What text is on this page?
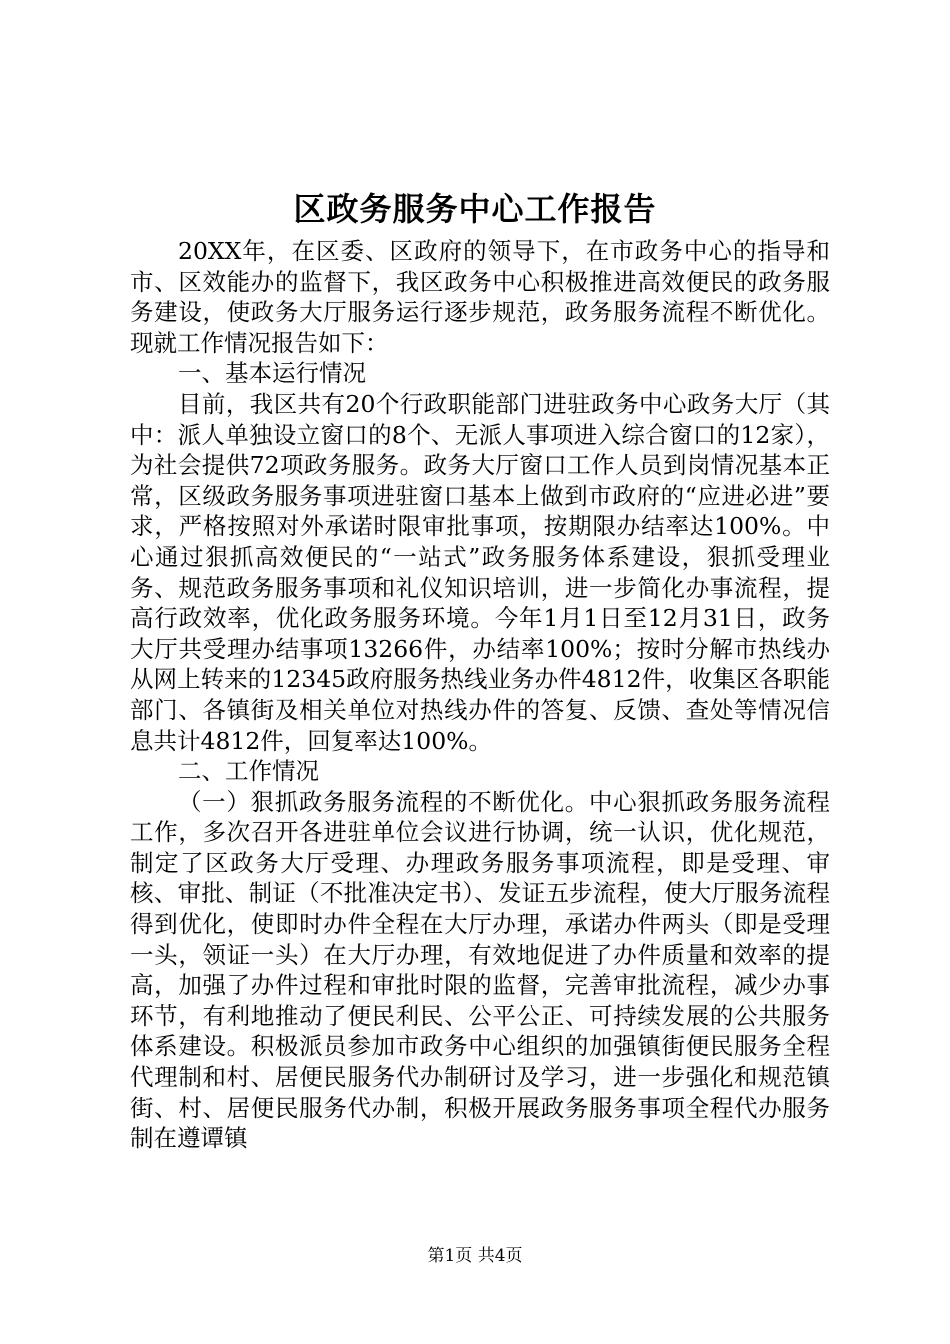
区政务服务中心工作报告

20XX年，在区委、区政府的领导下，在市政务中心的指导和市、区效能办的监督下，我区政务中心积极推进高效便民的政务服务建设，使政务大厅服务运行逐步规范，政务服务流程不断优化。现就工作情况报告如下：

一、基本运行情况

目前，我区共有20个行政职能部门进驻政务中心政务大厅（其中：派人单独设立窗口的8个、无派人事项进入综合窗口的12家），为社会提供72项政务服务。政务大厅窗口工作人员到岗情况基本正常，区级政务服务事项进驻窗口基本上做到市政府的“应进必进”要求，严格按照对外承诺时限审批事项，按期限办结率达100%。中心通过狠抓高效便民的“一站式”政务服务体系建设，狠抓受理业务、规范政务服务事项和礼仪知识培训，进一步简化办事流程，提高行政效率，优化政务服务环境。今年1月1日至12月31日，政务大厅共受理办结事项13266件，办结率100%；按时分解市热线办从网上转来的12345政府服务热线业务办件4812件，收集区各职能部门、各镇街及相关单位对热线办件的答复、反馈、查处等情况信息共计4812件，回复率达100%。

二、工作情况

（一）狠抓政务服务流程的不断优化。中心狠抓政务服务流程工作，多次召开各进驻单位会议进行协调，统一认识，优化规范，制定了区政务大厅受理、办理政务服务事项流程，即是受理、审核、审批、制证（不批准决定书）、发证五步流程，使大厅服务流程得到优化，使即时办件全程在大厅办理，承诺办件两头（即是受理一头，领证一头）在大厅办理，有效地促进了办件质量和效率的提高，加强了办件过程和审批时限的监督，完善审批流程，减少办事环节，有利地推动了便民利民、公平公正、可持续发展的公共服务体系建设。积极派员参加市政务中心组织的加强镇街便民服务全程代理制和村、居便民服务代办制研讨及学习，进一步强化和规范镇街、村、居便民服务代办制，积极开展政务服务事项全程代办服务制在遵谭镇

第1页 共4页
